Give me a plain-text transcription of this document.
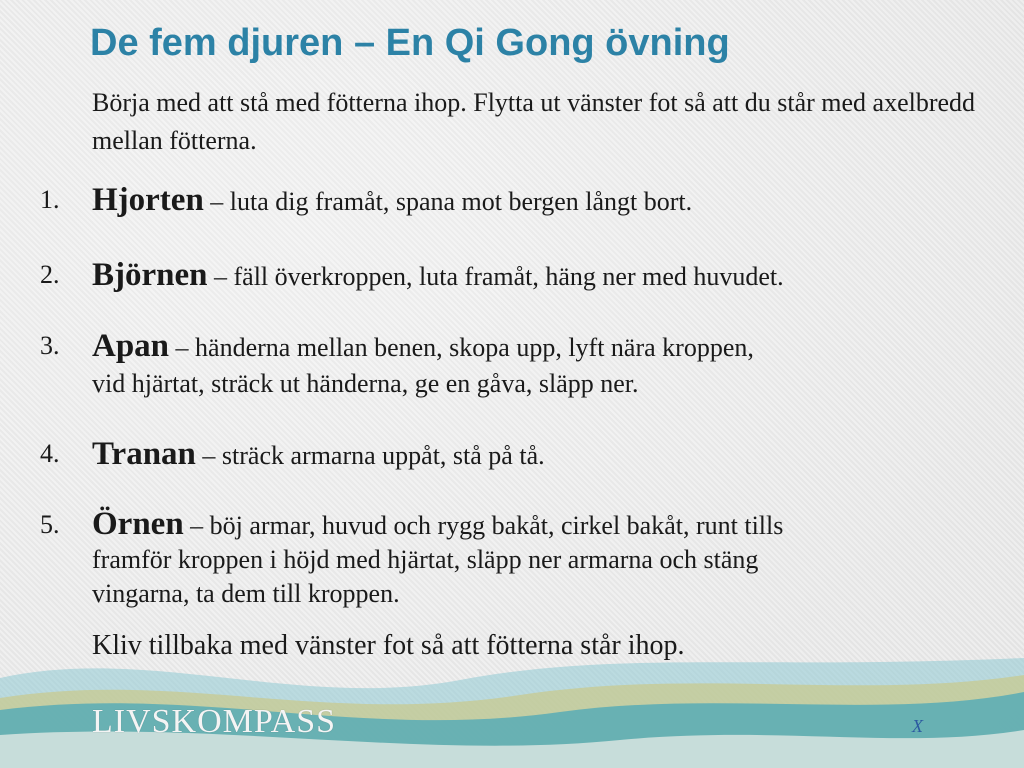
De fem djuren – En Qi Gong övning

Börja med att stå med fötterna ihop. Flytta ut vänster fot så att du står med axelbredd mellan fötterna.

1. Hjorten – luta dig framåt, spana mot bergen långt bort.
2. Björnen – fäll överkroppen, luta framåt, häng ner med huvudet.
3. Apan – händerna mellan benen, skopa upp, lyft nära kroppen,
vid hjärtat, sträck ut händerna, ge en gåva, släpp ner.
4. Tranan – sträck armarna uppåt, stå på tå.
5. Örnen – böj armar, huvud och rygg bakåt, cirkel bakåt, runt tills
framför kroppen i höjd med hjärtat, släpp ner armarna och stäng
vingarna, ta dem till kroppen.

Kliv tillbaka med vänster fot så att fötterna står ihop.

LIVSKOMPASS	X
